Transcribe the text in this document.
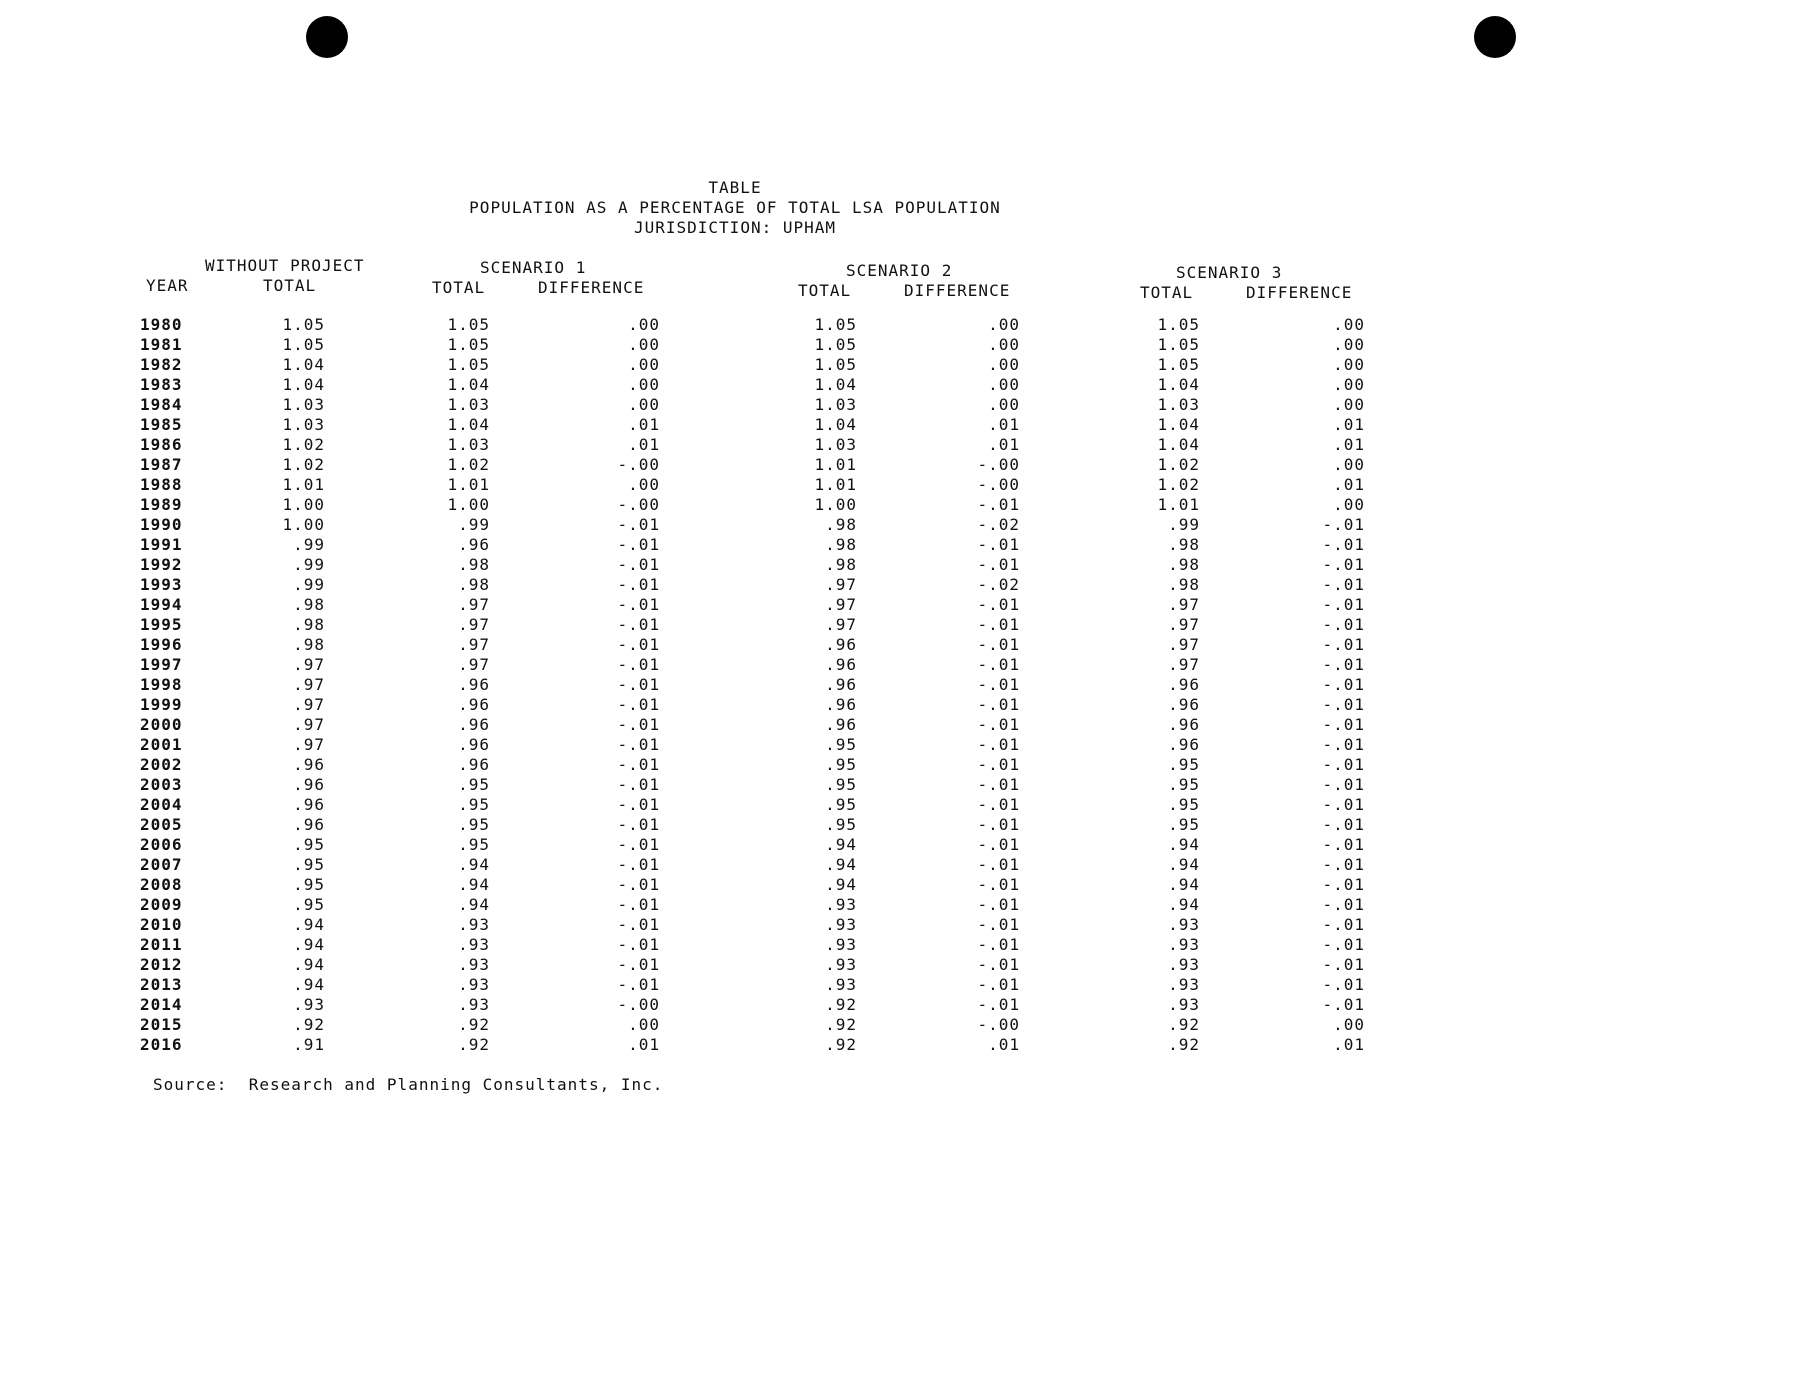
TABLE
POPULATION AS A PERCENTAGE OF TOTAL LSA POPULATION
JURISDICTION: UPHAM
WITHOUT PROJECT
TOTAL
YEAR
SCENARIO 1
TOTAL	DIFFERENCE
SCENARIO 2
TOTAL	DIFFERENCE
SCENARIO 3
TOTAL	DIFFERENCE
1980	1.05	1.05	.00	1.05	.00	1.05	.00
1981	1.05	1.05	.00	1.05	.00	1.05	.00
1982	1.04	1.05	.00	1.05	.00	1.05	.00
1983	1.04	1.04	.00	1.04	.00	1.04	.00
1984	1.03	1.03	.00	1.03	.00	1.03	.00
1985	1.03	1.04	.01	1.04	.01	1.04	.01
1986	1.02	1.03	.01	1.03	.01	1.04	.01
1987	1.02	1.02	-.00	1.01	-.00	1.02	.00
1988	1.01	1.01	.00	1.01	-.00	1.02	.01
1989	1.00	1.00	-.00	1.00	-.01	1.01	.00
1990	1.00	.99	-.01	.98	-.02	.99	-.01
1991	.99	.96	-.01	.98	-.01	.98	-.01
1992	.99	.98	-.01	.98	-.01	.98	-.01
1993	.99	.98	-.01	.97	-.02	.98	-.01
1994	.98	.97	-.01	.97	-.01	.97	-.01
1995	.98	.97	-.01	.97	-.01	.97	-.01
1996	.98	.97	-.01	.96	-.01	.97	-.01
1997	.97	.97	-.01	.96	-.01	.97	-.01
1998	.97	.96	-.01	.96	-.01	.96	-.01
1999	.97	.96	-.01	.96	-.01	.96	-.01
2000	.97	.96	-.01	.96	-.01	.96	-.01
2001	.97	.96	-.01	.95	-.01	.96	-.01
2002	.96	.96	-.01	.95	-.01	.95	-.01
2003	.96	.95	-.01	.95	-.01	.95	-.01
2004	.96	.95	-.01	.95	-.01	.95	-.01
2005	.96	.95	-.01	.95	-.01	.95	-.01
2006	.95	.95	-.01	.94	-.01	.94	-.01
2007	.95	.94	-.01	.94	-.01	.94	-.01
2008	.95	.94	-.01	.94	-.01	.94	-.01
2009	.95	.94	-.01	.93	-.01	.94	-.01
2010	.94	.93	-.01	.93	-.01	.93	-.01
2011	.94	.93	-.01	.93	-.01	.93	-.01
2012	.94	.93	-.01	.93	-.01	.93	-.01
2013	.94	.93	-.01	.93	-.01	.93	-.01
2014	.93	.93	-.00	.92	-.01	.93	-.01
2015	.92	.92	.00	.92	-.00	.92	.00
2016	.91	.92	.01	.92	.01	.92	.01
Source:  Research and Planning Consultants, Inc.
